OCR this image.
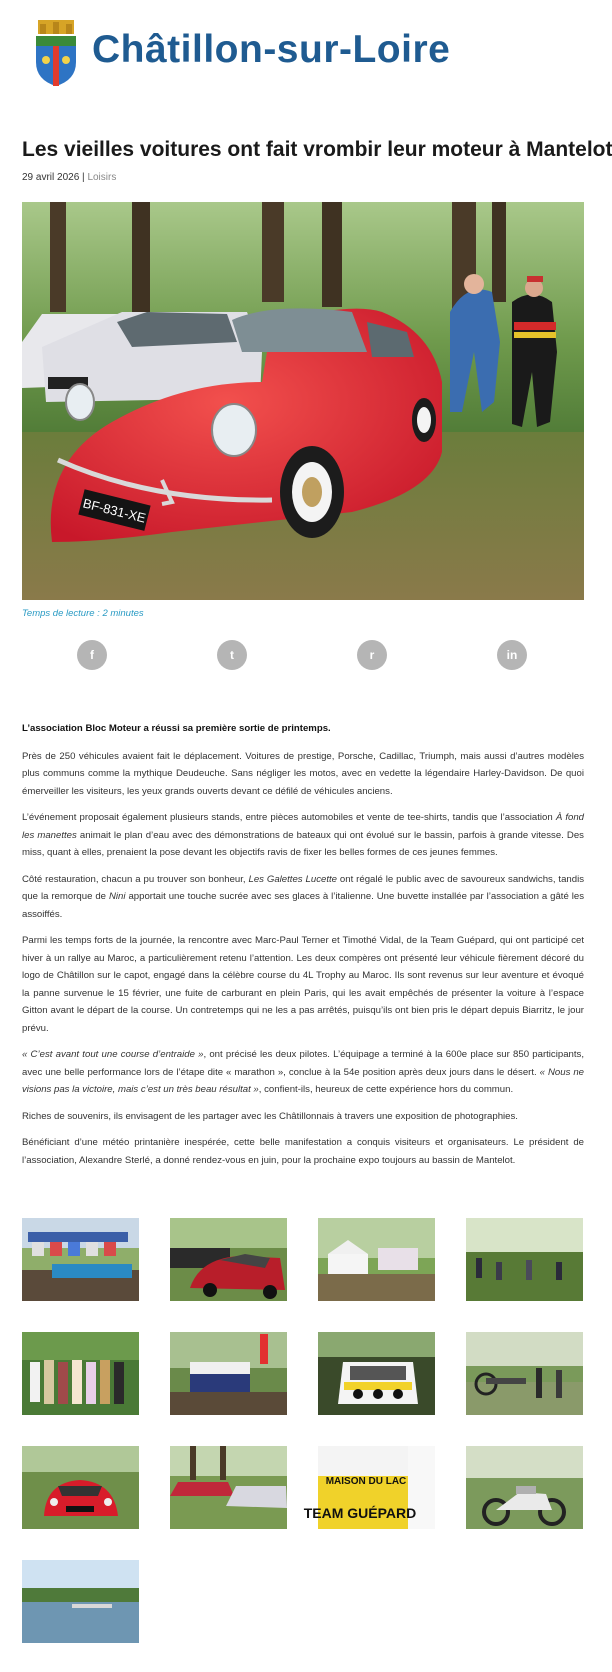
Châtillon-sur-Loire
Les vieilles voitures ont fait vrombir leur moteur à Mantelot
29 avril 2026 | Loisirs
BF-831-XE
Temps de lecture : 2 minutes
f	t	r	in

L’association Bloc Moteur a réussi sa première sortie de printemps.

Près de 250 véhicules avaient fait le déplacement. Voitures de prestige, Porsche, Cadillac, Triumph, mais aussi d’autres modèles plus communs comme la mythique Deudeuche. Sans négliger les motos, avec en vedette la légendaire Harley-Davidson. De quoi émerveiller les visiteurs, les yeux grands ouverts devant ce défilé de véhicules anciens.

L’événement proposait également plusieurs stands, entre pièces automobiles et vente de tee-shirts, tandis que l’association À fond les manettes animait le plan d’eau avec des démonstrations de bateaux qui ont évolué sur le bassin, parfois à grande vitesse. Des miss, quant à elles, prenaient la pose devant les objectifs ravis de fixer les belles formes de ces jeunes femmes.

Côté restauration, chacun a pu trouver son bonheur, Les Galettes Lucette ont régalé le public avec de savoureux sandwichs, tandis que la remorque de Nini apportait une touche sucrée avec ses glaces à l’italienne. Une buvette installée par l’association a gâté les assoiffés.

Parmi les temps forts de la journée, la rencontre avec Marc-Paul Terner et Timothé Vidal, de la Team Guépard, qui ont participé cet hiver à un rallye au Maroc, a particulièrement retenu l’attention. Les deux compères ont présenté leur véhicule fièrement décoré du logo de Châtillon sur le capot, engagé dans la célèbre course du 4L Trophy au Maroc. Ils sont revenus sur leur aventure et évoqué la panne survenue le 15 février, une fuite de carburant en plein Paris, qui les avait empêchés de présenter la voiture à l’espace Gitton avant le départ de la course. Un contretemps qui ne les a pas arrêtés, puisqu’ils ont bien pris le départ depuis Biarritz, le jour prévu.

« C’est avant tout une course d’entraide », ont précisé les deux pilotes. L’équipage a terminé à la 600e place sur 850 participants, avec une belle performance lors de l’étape dite « marathon », conclue à la 54e position après deux jours dans le désert. « Nous ne visions pas la victoire, mais c’est un très beau résultat », confient-ils, heureux de cette expérience hors du commun.

Riches de souvenirs, ils envisagent de les partager avec les Châtillonnais à travers une exposition de photographies.

Bénéficiant d’une météo printanière inespérée, cette belle manifestation a conquis visiteurs et organisateurs. Le président de l’association, Alexandre Sterlé, a donné rendez-vous en juin, pour la prochaine expo toujours au bassin de Mantelot.

MAISON DU LAC
TEAM GUÉPARD
